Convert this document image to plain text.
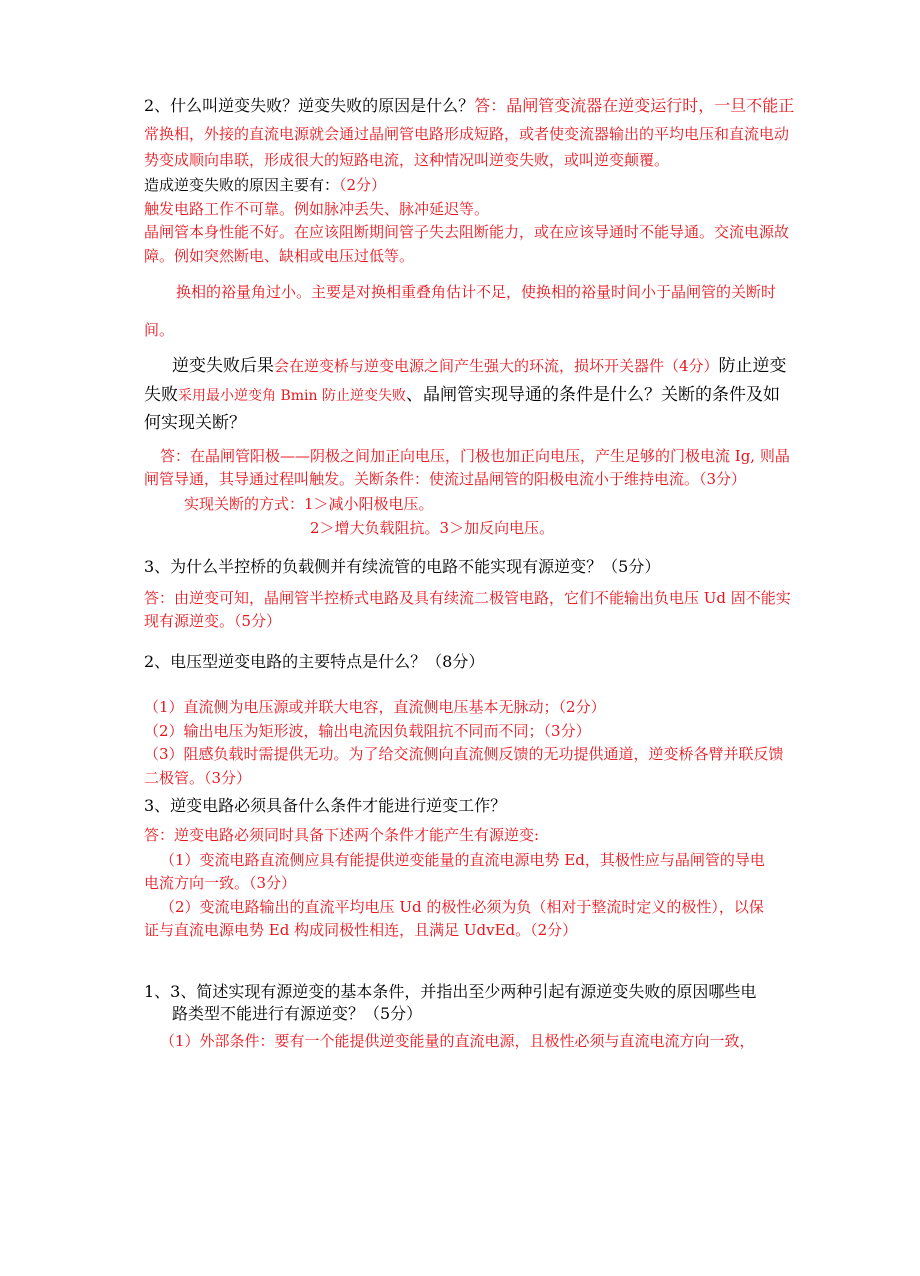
2、什么叫逆变失败？逆变失败的原因是什么？答：晶闸管变流器在逆变运行时，一旦不能正
常换相，外接的直流电源就会通过晶闸管电路形成短路，或者使变流器输出的平均电压和直流电动
势变成顺向串联，形成很大的短路电流，这种情况叫逆变失败，或叫逆变颠覆。
造成逆变失败的原因主要有：（2分）
触发电路工作不可靠。例如脉冲丢失、脉冲延迟等。
晶闸管本身性能不好。在应该阻断期间管子失去阻断能力，或在应该导通时不能导通。交流电源故
障。例如突然断电、缺相或电压过低等。
换相的裕量角过小。主要是对换相重叠角估计不足，使换相的裕量时间小于晶闸管的关断时
间。
逆变失败后果会在逆变桥与逆变电源之间产生强大的环流，损坏开关器件（4分）防止逆变
失败采用最小逆变角 Bmin 防止逆变失败、晶闸管实现导通的条件是什么？关断的条件及如
何实现关断？
答：在晶闸管阳极——阴极之间加正向电压，门极也加正向电压，产生足够的门极电流 Ig, 则晶
闸管导通，其导通过程叫触发。关断条件：使流过晶闸管的阳极电流小于维持电流。（3分）
实现关断的方式：1＞减小阳极电压。
2＞增大负载阻抗。3＞加反向电压。
3、为什么半控桥的负载侧并有续流管的电路不能实现有源逆变？（5分）
答：由逆变可知，晶闸管半控桥式电路及具有续流二极管电路，它们不能输出负电压 Ud 固不能实
现有源逆变。（5分）
2、电压型逆变电路的主要特点是什么？（8分）
（1）直流侧为电压源或并联大电容，直流侧电压基本无脉动；（2分）
（2）输出电压为矩形波，输出电流因负载阻抗不同而不同；（3分）
（3）阻感负载时需提供无功。为了给交流侧向直流侧反馈的无功提供通道，逆变桥各臂并联反馈
二极管。（3分）
3、逆变电路必须具备什么条件才能进行逆变工作？
答：逆变电路必须同时具备下述两个条件才能产生有源逆变:
（1）变流电路直流侧应具有能提供逆变能量的直流电源电势 Ed，其极性应与晶闸管的导电
电流方向一致。（3分）
（2）变流电路输出的直流平均电压 Ud 的极性必须为负（相对于整流时定义的极性），以保
证与直流电源电势 Ed 构成同极性相连，且满足 UdvEd。（2分）
1、3、简述实现有源逆变的基本条件，并指出至少两种引起有源逆变失败的原因哪些电
路类型不能进行有源逆变？（5分）
（1）外部条件：要有一个能提供逆变能量的直流电源，且极性必须与直流电流方向一致，
